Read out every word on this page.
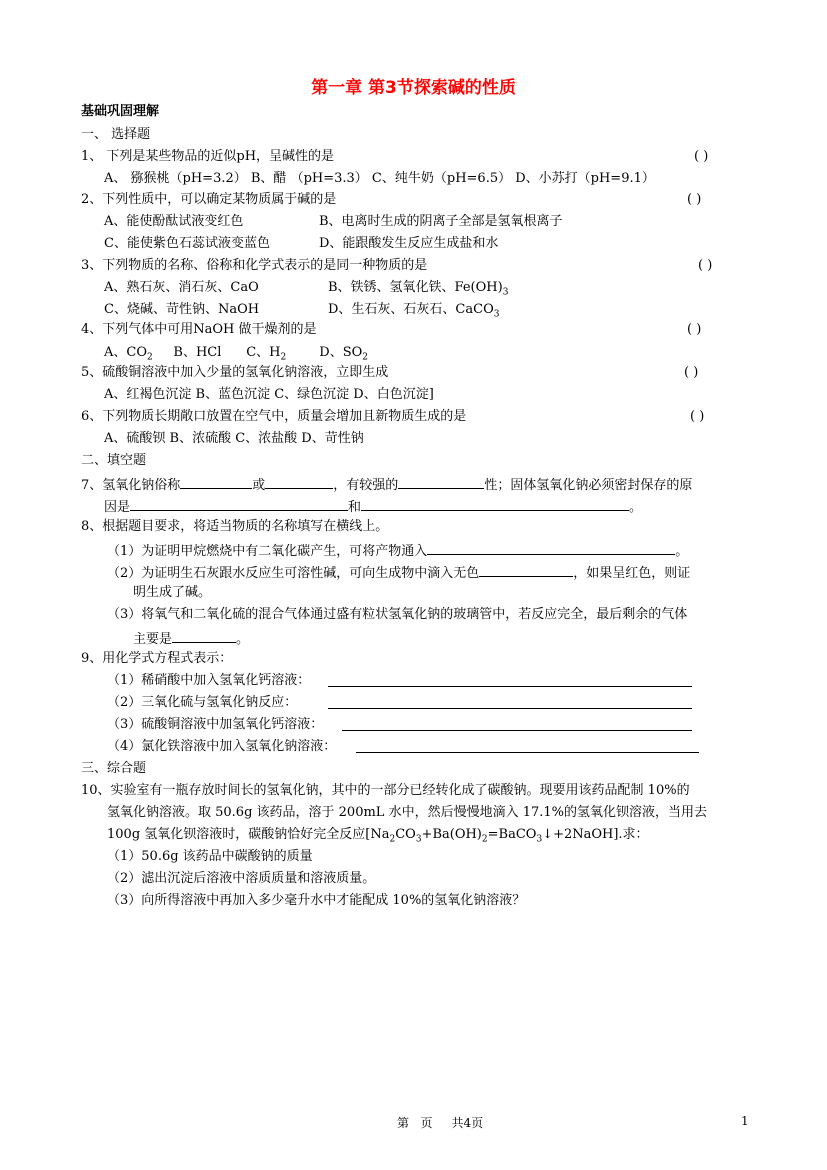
第一章 第3节探索碱的性质
基础巩固理解
一、 选择题
1、 下列是某些物品的近似pH，呈碱性的是	( )
A、 猕猴桃（pH=3.2） B、醋 （pH=3.3） C、纯牛奶（pH=6.5） D、小苏打（pH=9.1）
2、下列性质中，可以确定某物质属于碱的是	( )
A、能使酚酞试液变红色	B、电离时生成的阴离子全部是氢氧根离子
C、能使紫色石蕊试液变蓝色	D、能跟酸发生反应生成盐和水
3、下列物质的名称、俗称和化学式表示的是同一种物质的是	( )
A、熟石灰、消石灰、CaO	B、铁锈、氢氧化铁、$Fe(OH)_3$
C、烧碱、苛性钠、NaOH	D、生石灰、石灰石、CaCO$_3$
4、下列气体中可用NaOH 做干燥剂的是	( )
A、$CO_2$ B、HCl C、$H_2$	D、$SO_2$
5、硫酸铜溶液中加入少量的氢氧化钠溶液，立即生成	( )
A、红褐色沉淀 B、蓝色沉淀 C、绿色沉淀 D、白色沉淀]
6、下列物质长期敞口放置在空气中，质量会增加且新物质生成的是	( )
A、硫酸钡 B、浓硫酸 C、浓盐酸 D、苛性钠
二、填空题
7、氢氧化钠俗称	或	，有较强的	性；固体氢氧化钠必须密封保存的原
因是	和	。
8、根据题目要求，将适当物质的名称填写在横线上。
（1）为证明甲烷燃烧中有二氧化碳产生，可将产物通入	。
（2）为证明生石灰跟水反应生可溶性碱，可向生成物中滴入无色	，如果呈红色，则证
明生成了碱。
（3）将氧气和二氧化硫的混合气体通过盛有粒状氢氧化钠的玻璃管中，若反应完全，最后剩余的气体
主要是	。
9、用化学式方程式表示：
（1）稀硝酸中加入氢氧化钙溶液：
（2）三氧化硫与氢氧化钠反应：
（3）硫酸铜溶液中加氢氧化钙溶液：
（4）氯化铁溶液中加入氢氧化钠溶液：
三、综合题
10、实验室有一瓶存放时间长的氢氧化钠，其中的一部分已经转化成了碳酸钠。现要用该药品配制 10%的
氢氧化钠溶液。取 50.6g 该药品，溶于 200mL 水中，然后慢慢地滴入 17.1%的氢氧化钡溶液，当用去
100g 氢氧化钡溶液时，碳酸钠恰好完全反应$[Na_2CO_3+Ba(OH)_2=BaCO_3↓+2NaOH]$.求：
（1）50.6g 该药品中碳酸钠的质量
（2）滤出沉淀后溶液中溶质质量和溶液质量。
（3）向所得溶液中再加入多少毫升水中才能配成 10%的氢氧化钠溶液？
第   页     共4页	1
